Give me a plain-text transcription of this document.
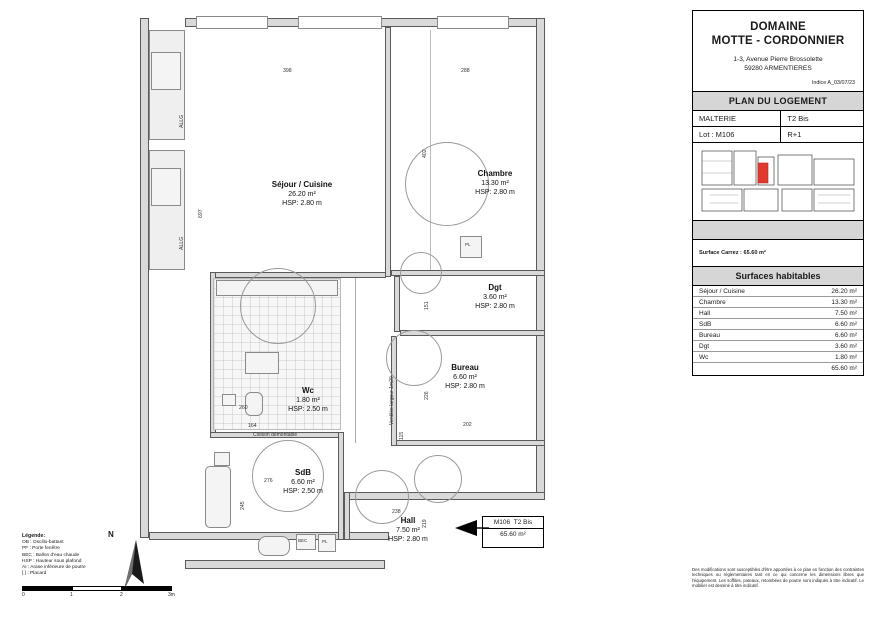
ALLG
ALLG
BEC	PL
PL
Séjour / Cuisine
26.20 m²
HSP: 2.80 m
Chambre
13.30 m²
HSP: 2.80 m
Dgt
3.60 m²
HSP: 2.80 m
Bureau
6.60 m²
HSP: 2.80 m
Wc
1.80 m²
HSP: 2.50 m
SdB
6.60 m²
HSP: 2.50 m
Hall
7.50 m²
HSP: 2.80 m
Cloison démontable
Ventilée largeur 1m20
398	288
697
402
151
226
202
260
164
276
245
238
219
115
M106 T2 Bis
65.60 m²
Légende:
OB : Oscillo-battant
PF : Porte fenêtre
BEC : Ballon d'eau chaude
HSP : Hauteur sous plafond
AI : Arase inférieure de poutre
[ ] : Placard
N
0	1	2	3m
DOMAINE
MOTTE - CORDONNIER
1-3, Avenue Pierre Brossolette
59280 ARMENTIERES
Indice A_03/07/23
PLAN DU LOGEMENT
MALTERIE	T2 Bis
Lot : M106	R+1
Surface Carrez : 65.60 m²
Surfaces habitables
Séjour / Cuisine	26.20 m²
Chambre	13.30 m²
Hall	7.50 m²
SdB	6.60 m²
Bureau	6.60 m²
Dgt	3.60 m²
Wc	1.80 m²
65.60 m²
Des modifications sont susceptibles d'être apportées à ce plan en fonction des contraintes techniques ou réglementaires tant en ce qui concerne les dimensions libres que l'équipement. Les soffites, poteaux, retombées de poutre sont indiqués à titre indicatif. Le mobilier est dessiné à titre indicatif.
